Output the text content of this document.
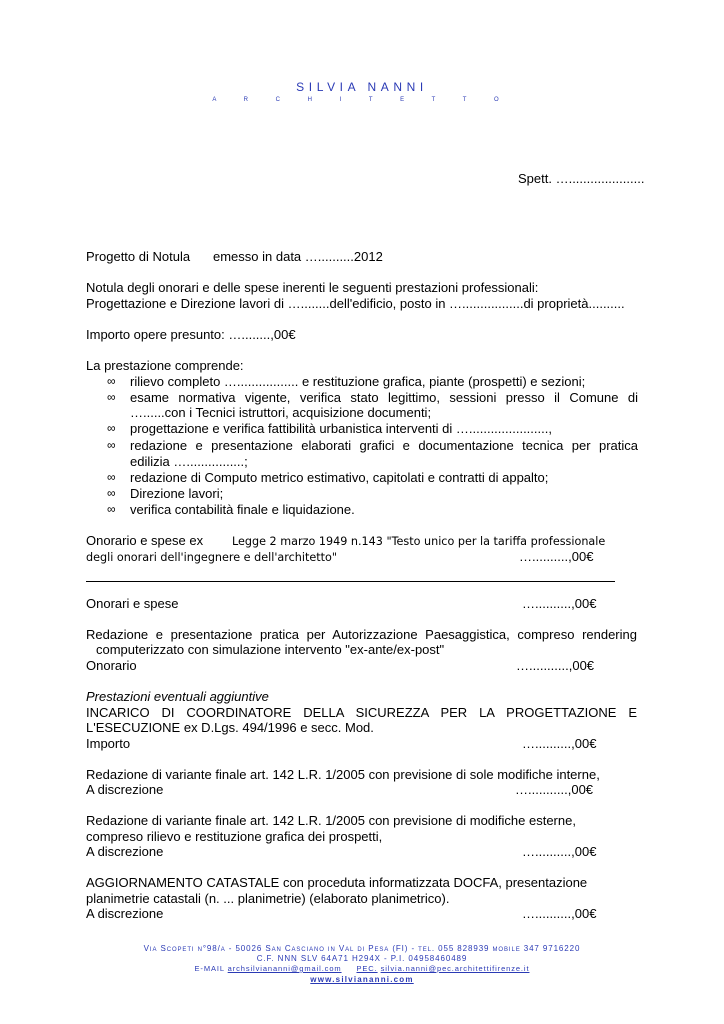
SILVIA NANNI
A R C H I T E T T O
Spett. ….....................
Progetto di Notula emesso in data …..........2012
Notula degli onorari e delle spese inerenti le seguenti prestazioni professionali:
Progettazione e Direzione lavori di …........dell'edificio, posto in ….................di proprietà..........
Importo opere presunto: …........,00€
La prestazione comprende:
∞ rilievo completo …................. e restituzione grafica, piante (prospetti) e sezioni;
∞ esame normativa vigente, verifica stato legittimo, sessioni presso il Comune di
…......con i Tecnici istruttori, acquisizione documenti;
∞ progettazione e verifica fattibilità urbanistica interventi di …......................,
∞ redazione e presentazione elaborati grafici e documentazione tecnica per pratica
edilizia …................;
∞ redazione di Computo metrico estimativo, capitolati e contratti di appalto;
∞ Direzione lavori;
∞ verifica contabilità finale e liquidazione.
Onorario e spese ex	Legge 2 marzo 1949 n.143 "Testo unico per la tariffa professionale
degli onorari dell'ingegnere e dell'architetto"	…..........,00€
Onorari e spese	…..........,00€
Redazione e presentazione pratica per Autorizzazione Paesaggistica, compreso rendering
computerizzato con simulazione intervento "ex-ante/ex-post"
Onorario	…...........,00€
Prestazioni eventuali aggiuntive
INCARICO DI COORDINATORE DELLA SICUREZZA PER LA PROGETTAZIONE E
L'ESECUZIONE ex D.Lgs. 494/1996 e secc. Mod.
Importo	…..........,00€
Redazione di variante finale art. 142 L.R. 1/2005 con previsione di sole modifiche interne,
A discrezione	…...........,00€
Redazione di variante finale art. 142 L.R. 1/2005 con previsione di modifiche esterne,
compreso rilievo e restituzione grafica dei prospetti,
A discrezione	…..........,00€
AGGIORNAMENTO CATASTALE con proceduta informatizzata DOCFA, presentazione
planimetrie catastali (n. ... planimetrie) (elaborato planimetrico).
A discrezione	…..........,00€
Via Scopeti n°98/a - 50026 San Casciano in Val di Pesa (FI) - tel. 055 828939 mobile 347 9716220
C.F. NNN SLV 64A71 H294X - P.I. 04958460489
E-MAIL archsilviananni@gmail.com PEC. silvia.nanni@pec.architettifirenze.it
www.silviananni.com
